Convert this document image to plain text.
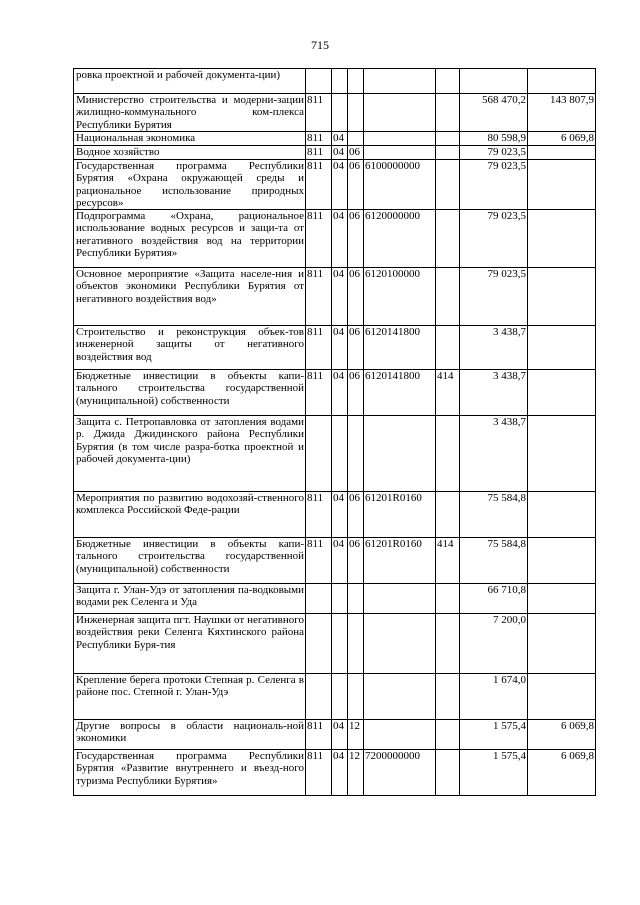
715
ровка проектной и рабочей документа-ции)							
Министерство строительства и модерни-зации жилищно-коммунального ком-плекса Республики Бурятия	811					568 470,2	143 807,9
Национальная экономика	811	04				80 598,9	6 069,8
Водное хозяйство	811	04	06			79 023,5	
Государственная программа Республики Бурятия «Охрана окружающей среды и рациональное использование природных ресурсов»	811	04	06	6100000000		79 023,5	
Подпрограмма «Охрана, рациональное использование водных ресурсов и защи-та от негативного воздействия вод на территории Республики Бурятия»	811	04	06	6120000000		79 023,5	
Основное мероприятие «Защита населе-ния и объектов экономики Республики Бурятия от негативного воздействия вод»	811	04	06	6120100000		79 023,5	
Строительство и реконструкция объек-тов инженерной защиты от негативного воздействия вод	811	04	06	6120141800		3 438,7	
Бюджетные инвестиции в объекты капи-тального строительства государственной (муниципальной) собственности	811	04	06	6120141800	414	3 438,7	
Защита с. Петропавловка от затопления водами р. Джида Джидинского района Республики Бурятия (в том числе разра-ботка проектной и рабочей документа-ции)						3 438,7	
Мероприятия по развитию водохозяй-ственного комплекса Российской Феде-рации	811	04	06	61201R0160		75 584,8	
Бюджетные инвестиции в объекты капи-тального строительства государственной (муниципальной) собственности	811	04	06	61201R0160	414	75 584,8	
Защита г. Улан-Удэ от затопления па-водковыми водами рек Селенга и Уда						66 710,8	
Инженерная защита пгт. Наушки от негативного воздействия реки Селенга Кяхтинского района Республики Буря-тия						7 200,0	
Крепление берега протоки Степная р. Селенга в районе пос. Степной г. Улан-Удэ						1 674,0	
Другие вопросы в области националь-ной экономики	811	04	12			1 575,4	6 069,8
Государственная программа Республики Бурятия «Развитие внутреннего и въезд-ного туризма Республики Бурятия»	811	04	12	7200000000		1 575,4	6 069,8
